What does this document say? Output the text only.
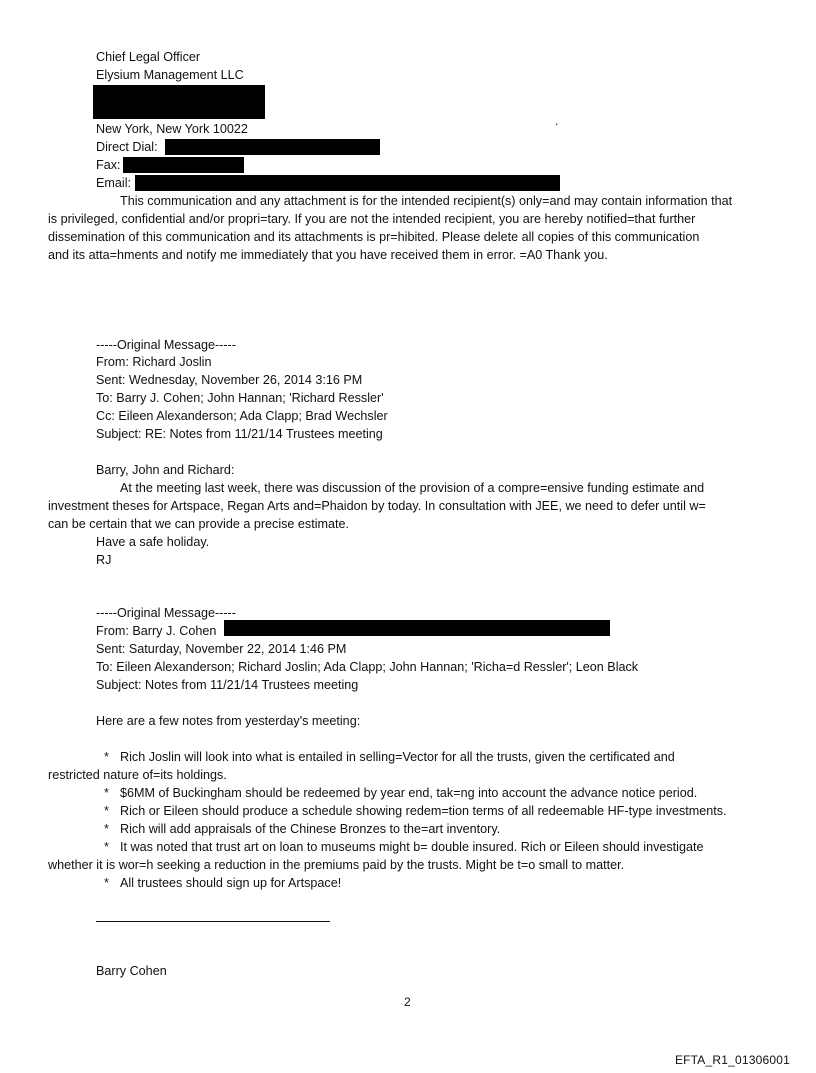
Chief Legal Officer
Elysium Management LLC
New York, New York 10022
.
Direct Dial:
Fax:
Email:
This communication and any attachment is for the intended recipient(s) only=and may contain information that
is privileged, confidential and/or propri=tary. If you are not the intended recipient, you are hereby notified=that further
dissemination of this communication and its attachments is pr=hibited. Please delete all copies of this communication
and its atta=hments and notify me immediately that you have received them in error. =A0 Thank you.
-----Original Message-----
From: Richard Joslin
Sent: Wednesday, November 26, 2014 3:16 PM
To: Barry J. Cohen; John Hannan; 'Richard Ressler'
Cc: Eileen Alexanderson; Ada Clapp; Brad Wechsler
Subject: RE: Notes from 11/21/14 Trustees meeting
Barry, John and Richard:
At the meeting last week, there was discussion of the provision of a compre=ensive funding estimate and
investment theses for Artspace, Regan Arts and=Phaidon by today. In consultation with JEE, we need to defer until w=
can be certain that we can provide a precise estimate.
Have a safe holiday.
RJ
-----Original Message-----
From: Barry J. Cohen
Sent: Saturday, November 22, 2014 1:46 PM
To: Eileen Alexanderson; Richard Joslin; Ada Clapp; John Hannan; 'Richa=d Ressler'; Leon Black
Subject: Notes from 11/21/14 Trustees meeting
Here are a few notes from yesterday's meeting:
* Rich Joslin will look into what is entailed in selling=Vector for all the trusts, given the certificated and
restricted nature of=its holdings.
* $6MM of Buckingham should be redeemed by year end, tak=ng into account the advance notice period.
* Rich or Eileen should produce a schedule showing redem=tion terms of all redeemable HF-type investments.
* Rich will add appraisals of the Chinese Bronzes to the=art inventory.
* It was noted that trust art on loan to museums might b= double insured. Rich or Eileen should investigate
whether it is wor=h seeking a reduction in the premiums paid by the trusts. Might be t=o small to matter.
* All trustees should sign up for Artspace!
Barry Cohen
2
EFTA_R1_01306001
